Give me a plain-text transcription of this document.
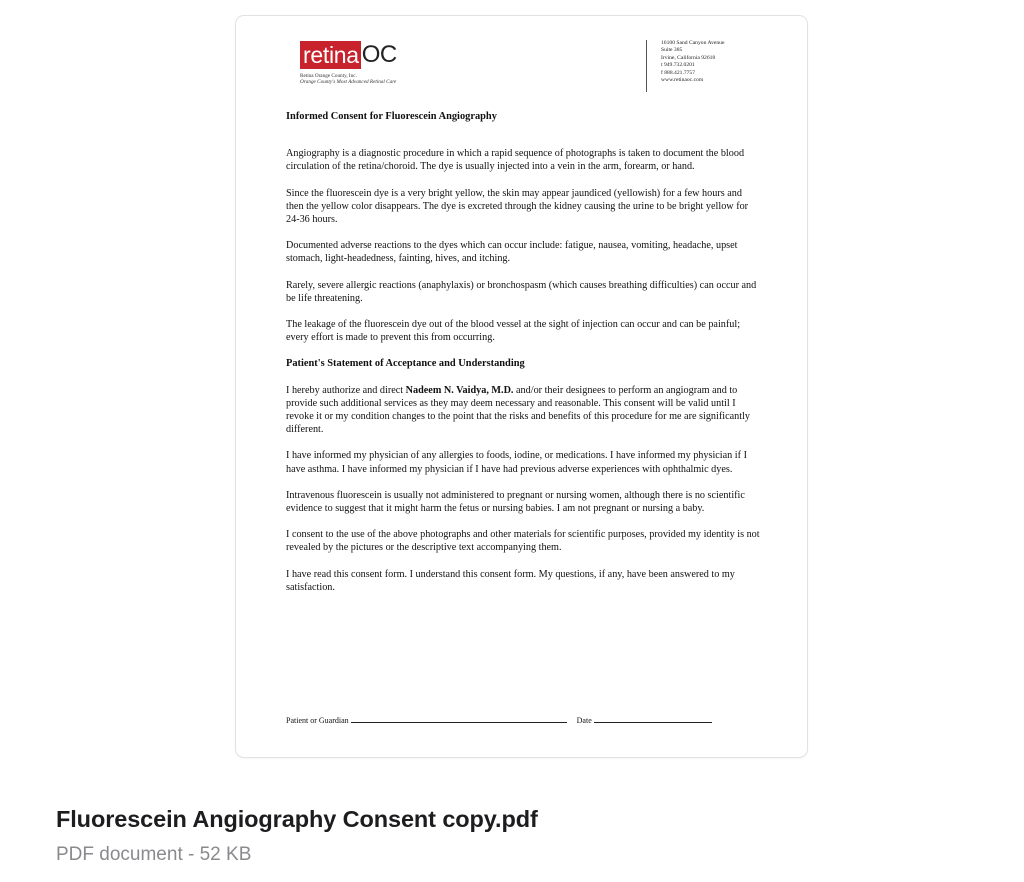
retina OC
Retina Orange County, Inc.
Orange County's Most Advanced Retinal Care
16100 Sand Canyon Avenue
Suite 385
Irvine, California 92618
t 949.732.0201
f 888.421.7757
www.retinaoc.com
Informed Consent for Fluorescein Angiography

Angiography is a diagnostic procedure in which a rapid sequence of photographs is taken to document the blood circulation of the retina/choroid. The dye is usually injected into a vein in the arm, forearm, or hand.

Since the fluorescein dye is a very bright yellow, the skin may appear jaundiced (yellowish) for a few hours and then the yellow color disappears. The dye is excreted through the kidney causing the urine to be bright yellow for 24-36 hours.

Documented adverse reactions to the dyes which can occur include: fatigue, nausea, vomiting, headache, upset stomach, light-headedness, fainting, hives, and itching.

Rarely, severe allergic reactions (anaphylaxis) or bronchospasm (which causes breathing difficulties) can occur and be life threatening.

The leakage of the fluorescein dye out of the blood vessel at the sight of injection can occur and can be painful; every effort is made to prevent this from occurring.

Patient's Statement of Acceptance and Understanding

I hereby authorize and direct Nadeem N. Vaidya, M.D. and/or their designees to perform an angiogram and to provide such additional services as they may deem necessary and reasonable. This consent will be valid until I revoke it or my condition changes to the point that the risks and benefits of this procedure for me are significantly different.

I have informed my physician of any allergies to foods, iodine, or medications. I have informed my physician if I have asthma. I have informed my physician if I have had previous adverse experiences with ophthalmic dyes.

Intravenous fluorescein is usually not administered to pregnant or nursing women, although there is no scientific evidence to suggest that it might harm the fetus or nursing babies. I am not pregnant or nursing a baby.

I consent to the use of the above photographs and other materials for scientific purposes, provided my identity is not revealed by the pictures or the descriptive text accompanying them.

I have read this consent form. I understand this consent form. My questions, if any, have been answered to my satisfaction.

Patient or Guardian	Date
Fluorescein Angiography Consent copy.pdf
PDF document - 52 KB
